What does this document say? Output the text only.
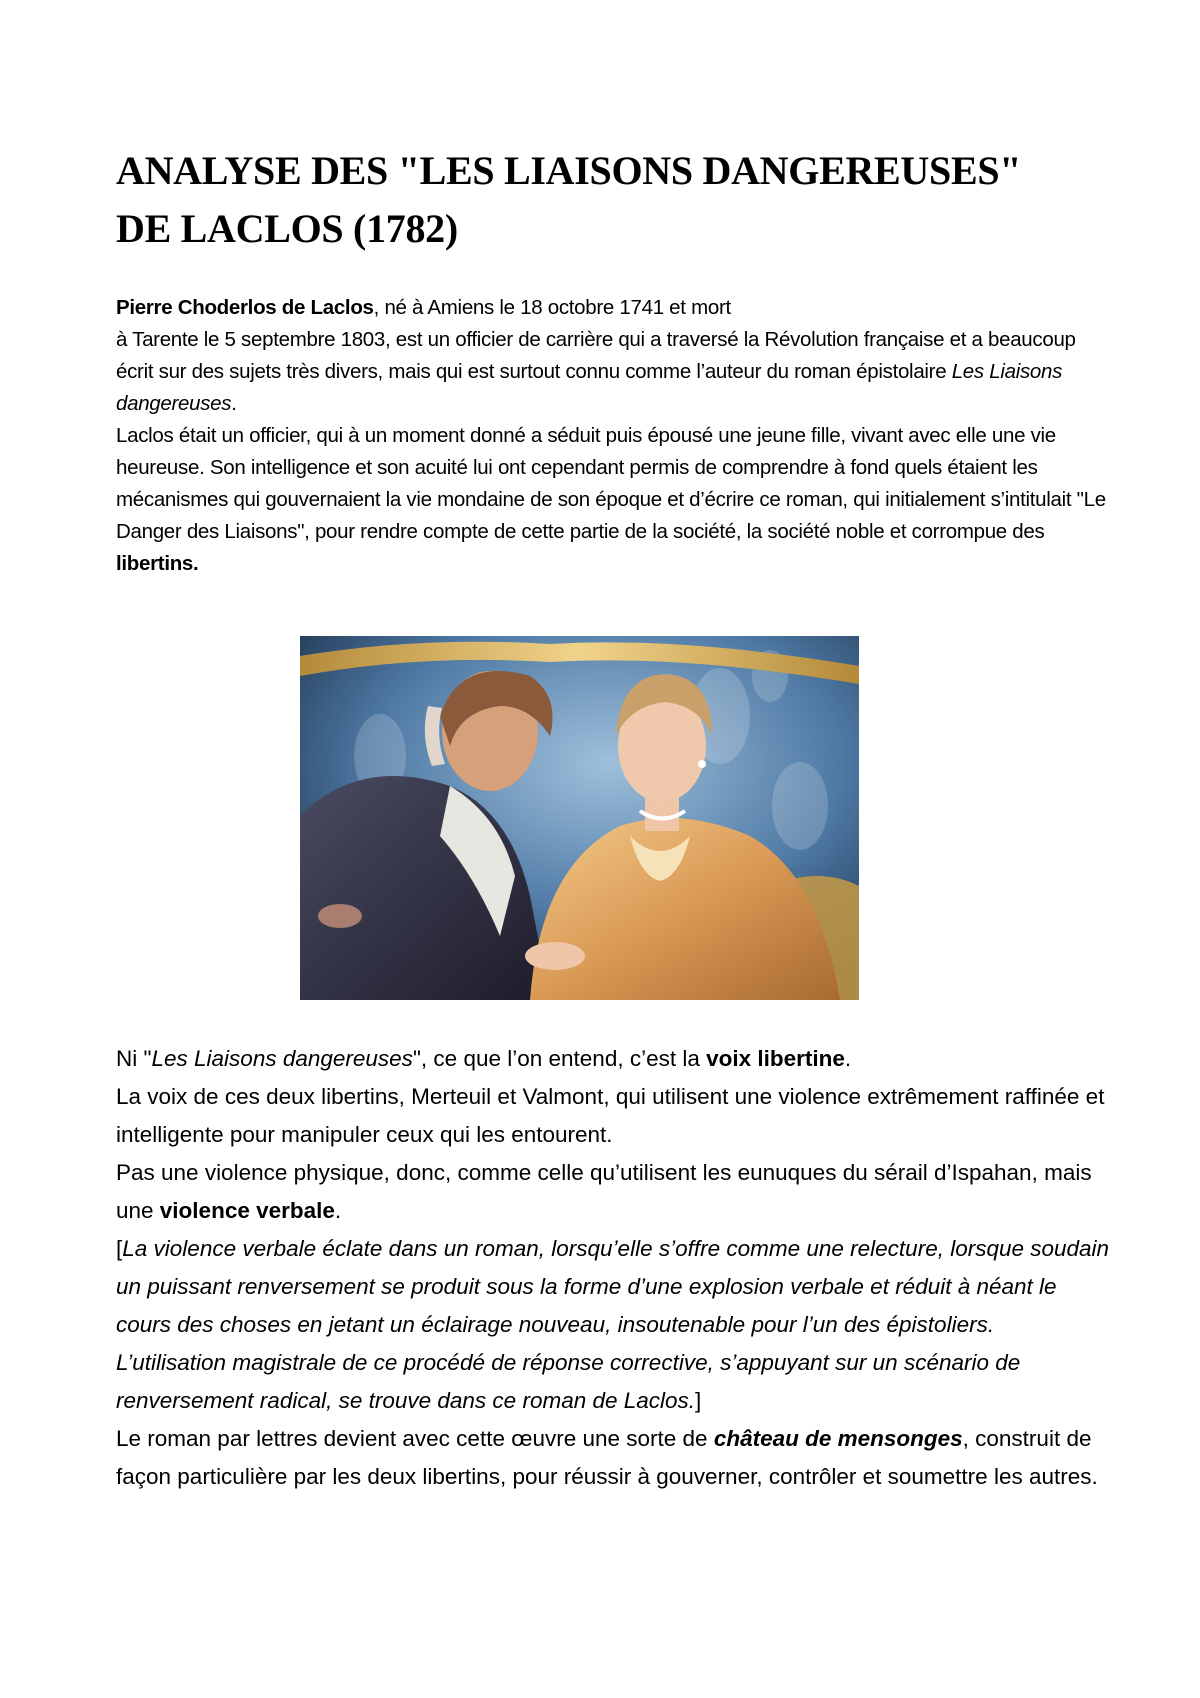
ANALYSE DES "LES LIAISONS DANGEREUSES"
DE LACLOS (1782)

Pierre Choderlos de Laclos, né à Amiens le 18 octobre 1741 et mort
à Tarente le 5 septembre 1803, est un officier de carrière qui a traversé la Révolution française et a beaucoup écrit sur des sujets très divers, mais qui est surtout connu comme l’auteur du roman épistolaire Les Liaisons dangereuses.

Laclos était un officier, qui à un moment donné a séduit puis épousé une jeune fille, vivant avec elle une vie heureuse. Son intelligence et son acuité lui ont cependant permis de comprendre à fond quels étaient les mécanismes qui gouvernaient la vie mondaine de son époque et d’écrire ce roman, qui initialement s’intitulait "Le Danger des Liaisons", pour rendre compte de cette partie de la société, la société noble et corrompue des libertins.

Ni "Les Liaisons dangereuses", ce que l’on entend, c’est la voix libertine.

La voix de ces deux libertins, Merteuil et Valmont, qui utilisent une violence extrêmement raffinée et intelligente pour manipuler ceux qui les entourent.

Pas une violence physique, donc, comme celle qu’utilisent les eunuques du sérail d’Ispahan, mais une violence verbale.

[La violence verbale éclate dans un roman, lorsqu’elle s’offre comme une relecture, lorsque soudain un puissant renversement se produit sous la forme d’une explosion verbale et réduit à néant le cours des choses en jetant un éclairage nouveau, insoutenable pour l’un des épistoliers.

L’utilisation magistrale de ce procédé de réponse corrective, s’appuyant sur un scénario de renversement radical, se trouve dans ce roman de Laclos.]

Le roman par lettres devient avec cette œuvre une sorte de château de mensonges, construit de façon particulière par les deux libertins, pour réussir à gouverner, contrôler et soumettre les autres.
